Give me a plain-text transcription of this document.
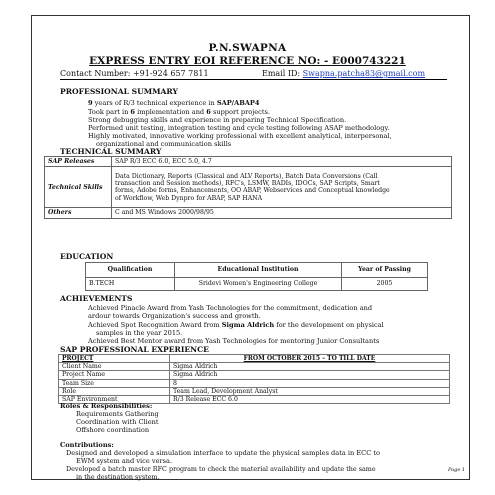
P.N.SWAPNA
EXPRESS ENTRY EOI REFERENCE NO: - E000743221
Contact Number: +91-924 657 7811	Email ID: Swapna.patcha83@gmail.com
PROFESSIONAL SUMMARY
9 years of R/3 technical experience in SAP/ABAP4
Took part in 6 implementation and 6 support projects.
Strong debugging skills and experience in preparing Technical Specification.
Performed unit testing, integration testing and cycle testing following ASAP methodology.
Highly motivated, innovative working professional with excellent analytical, interpersonal,
organizational and communication skills
TECHNICAL SUMMARY
SAP Releases	SAP R/3 ECC 6.0, ECC 5.0, 4.7
Technical Skills	Data Dictionary, Reports (Classical and ALV Reports), Batch Data Conversions (Call
transaction and Session methods), RFC's, LSMW, BADIs, IDOCs, SAP Scripts, Smart
forms, Adobe forms, Enhancements, OO ABAP, Webservices and Conceptual knowledge
of Workflow, Web Dynpro for ABAP, SAP HANA

Others	C and MS Windows 2000/98/95
EDUCATION
Qualification	Educational Institution	Year of Passing
B.TECH	Sridevi Women's Engineering College	2005
ACHIEVEMENTS
Achieved Pinacle Award from Yash Technologies for the commitment, dedication and
ardour towards Organization's success and growth.
Achieved Spot Recognition Award from Sigma Aldrich for the development on physical
samples in the year 2015.
Achieved Best Mentor award from Yash Technologies for mentoring Junior Consultants
SAP PROFESSIONAL EXPERIENCE
PROJECT	FROM OCTOBER 2015 – TO TILL DATE
Client Name	Sigma Aldrich
Project Name	Sigma Aldrich
Team Size	8
Role	Team Lead, Development Analyst
SAP Environment	R/3 Release ECC 6.0
Roles & Responsibilities:
Requirements Gathering
Coordination with Client
Offshore coordination
Contributions:
Designed and developed a simulation interface to update the physical samples data in ECC to
EWM system and vice versa.
Developed a batch master RFC program to check the material availability and update the same
in the destination system.
Page 1
